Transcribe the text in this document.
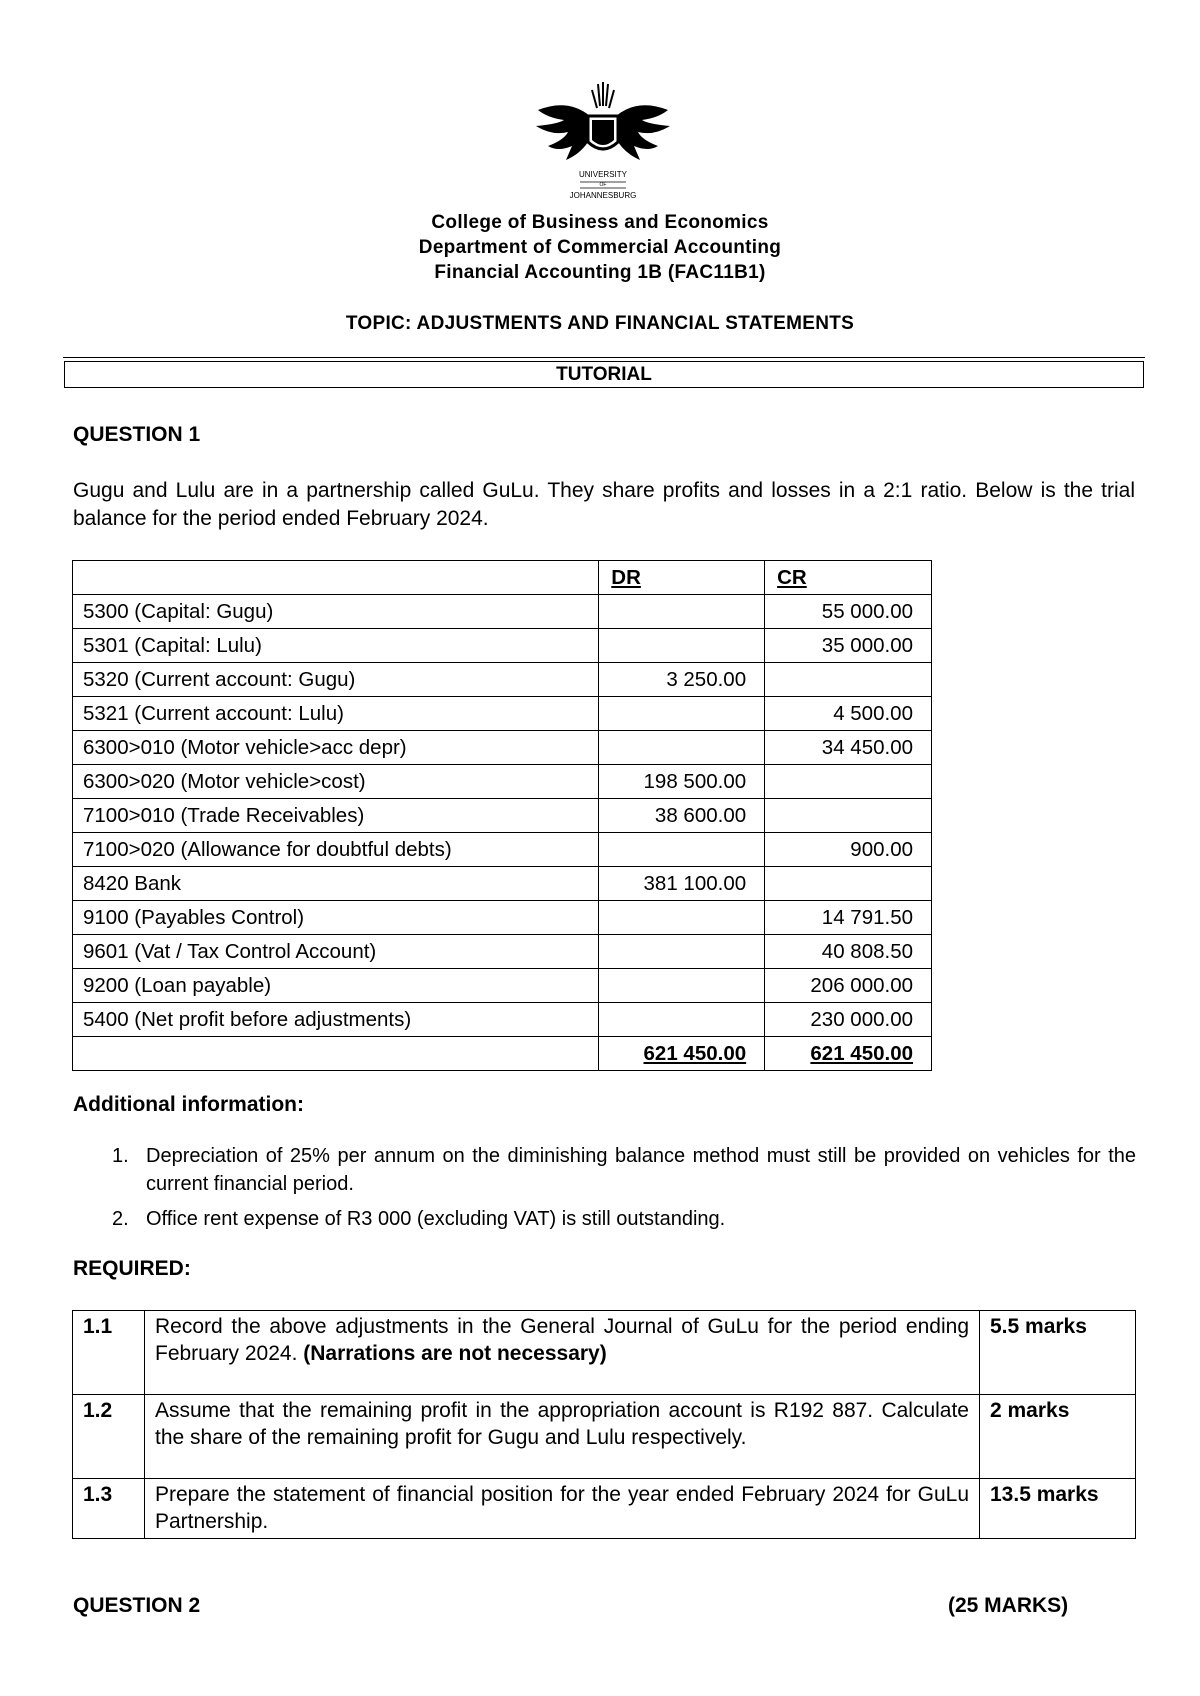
UNIVERSITY
OF
JOHANNESBURG
College of Business and Economics
Department of Commercial Accounting
Financial Accounting 1B (FAC11B1)
TOPIC: ADJUSTMENTS AND FINANCIAL STATEMENTS
TUTORIAL
QUESTION 1
Gugu and Lulu are in a partnership called GuLu. They share profits and losses in a 2:1 ratio. Below is the trial balance for the period ended February 2024.
	DR	CR
5300 (Capital: Gugu)		55 000.00
5301 (Capital: Lulu)		35 000.00
5320 (Current account: Gugu)	3 250.00	
5321 (Current account: Lulu)		4 500.00
6300>010 (Motor vehicle>acc depr)		34 450.00
6300>020 (Motor vehicle>cost)	198 500.00	
7100>010 (Trade Receivables)	38 600.00	
7100>020 (Allowance for doubtful debts)		900.00
8420 Bank	381 100.00	
9100 (Payables Control)		14 791.50
9601 (Vat / Tax Control Account)		40 808.50
9200 (Loan payable)		206 000.00
5400 (Net profit before adjustments)		230 000.00
	621 450.00	621 450.00
Additional information:
1. Depreciation of 25% per annum on the diminishing balance method must still be provided on vehicles for the current financial period.
2. Office rent expense of R3 000 (excluding VAT) is still outstanding.
REQUIRED:
1.1	Record the above adjustments in the General Journal of GuLu for the period ending February 2024. (Narrations are not necessary)	5.5 marks
1.2	Assume that the remaining profit in the appropriation account is R192 887. Calculate the share of the remaining profit for Gugu and Lulu respectively.	2 marks
1.3	Prepare the statement of financial position for the year ended February 2024 for GuLu Partnership.	13.5 marks
QUESTION 2	(25 MARKS)
